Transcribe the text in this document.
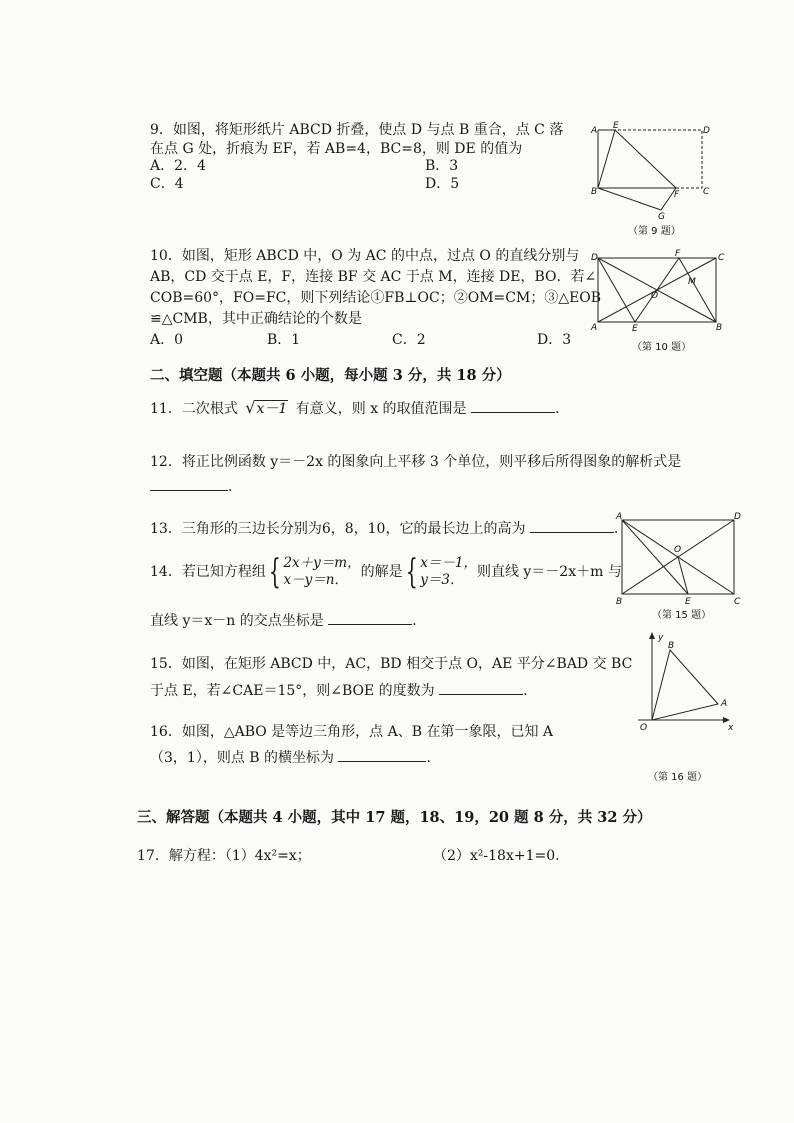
9．如图，将矩形纸片 ABCD 折叠，使点 D 与点 B 重合，点 C 落
在点 G 处，折痕为 EF，若 AB=4，BC=8，则 DE 的值为
A．2．4	B．3
C．4	D．5
A E	D
B	F	C
G
（第 9 题）
10．如图，矩形 ABCD 中，O 为 AC 的中点，过点 O 的直线分别与
AB，CD 交于点 E，F，连接 BF 交 AC 于点 M，连接 DE，BO．若∠
COB=60°，FO=FC，则下列结论①FB⊥OC；②OM=CM；③△EOB
≌△CMB，其中正确结论的个数是
A．0	B．1	C．2	D．3
D	F	C
M
O
A	E	B
（第 10 题）
二、填空题（本题共 6 小题，每小题 3 分，共 18 分）
11．二次根式 √x－1 有意义，则 x 的取值范围是	.
12．将正比例函数 y＝－2x 的图象向上平移 3 个单位，则平移后所得图象的解析式是
.
13．三角形的三边长分别为6，8，10，它的最长边上的高为	.
14．若已知方程组{ 2x＋y＝m，
x－y＝n． 的解是{ x＝－1，
y＝3． 则直线 y＝－2x＋m 与
直线 y＝x－n 的交点坐标是	.
A	D
O
B	E	C
（第 15 题）
15．如图，在矩形 ABCD 中，AC，BD 相交于点 O，AE 平分∠BAD 交 BC
于点 E，若∠CAE＝15°，则∠BOE 的度数为	.
y
B
A
O	x
（第 16 题）
16．如图，△ABO 是等边三角形，点 A、B 在第一象限，已知 A
（3，1），则点 B 的横坐标为	.
三、解答题（本题共 4 小题，其中 17 题，18、19，20 题 8 分，共 32 分）
17．解方程：（1）4x²=x；	（2）x²-18x+1=0.
